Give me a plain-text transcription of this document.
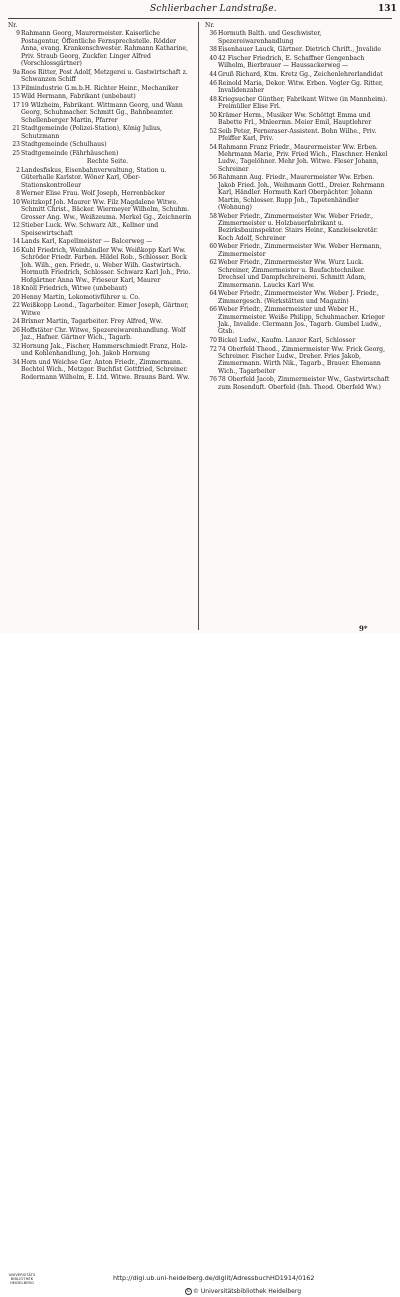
Schlierbacher Landstraße.	131
Nr.
9 Rahmann Georg, Maurermeister. Kaiserliche Postagentur, Öffentliche Fernsprechstelle. Rödder Anna, evang. Krankenschwester. Rahmann Katharine, Priv. Straub Georg, Zuckfer. Linger Alfred (Vorschlossgärtner)
9a Roos Ritter, Post Adolf, Metzgerei u. Gastwirtschaft z. Schwanzen Schiff
13 Filmindustrie G.m.b.H. Richter Heinr., Mechaniker
15 Wild Hermann, Fabrikant (unbebaut)
17 19 Wilzheim, Fabrikant. Wittmann Georg, und Wann Georg, Schuhmacher. Schmitt Gg., Bahnbeamter. Schellenberger Martin, Pfarrer
21 Stadtgemeinde (Polizei-Station), König Julius, Schutzmann
23 Stadtgemeinde (Schulhaus)
25 Stadtgemeinde (Fährhäuschen)
Rechte Seite.
2 Landesfiskus, Eisenbahnverwaltung, Station u. Güterhalle Karlstor. Wöner Karl, Ober-Stationskontrolleur
8 Werner Elise Frau. Wolf Joseph, Herrenbäcker
10 Weitzkopf Joh. Maurer Ww. Filz Magdalene Witwe. Schmitt Christ., Bäcker. Wiermeyer Wilhelm, Schuhm. Grosser Ang. Ww., Weißzeuma. Merkel Gg., Zeichnerin
12 Stieber Luck. Ww. Schwarz Alt., Kellner und Speisewirtschaft
14 Lands Karl, Kapellmeister — Balcerweg —
16 Kubl Friedrich, Weinhändler Ww. Weißkopp Karl Ww. Schröder Friedr. Farben. Hildel Rob., Schlosser. Bock Joh. Wilh., gen. Friedr., u. Weber Wilh. Gastwirtsch. Hormuth Friedrich, Schlosser. Schwarz Karl Joh., Prio. Hofgärtner Anna Ww., Frieseur Karl, Maurer
18 Knöll Friedrich, Witwe (unbebaut)
20 Henny Martin, Lokomotivführer u. Co.
22 Weißkopp Leond., Tagarbeiter. Eimer Joseph, Gärtner, Witwe
24 Brixner Martin, Tagarbeiter. Frey Alfred, Ww.
26 Hoffstäter Chr. Witwe, Spezereiwarenhandlung. Wolf Jaz., Hafner. Gärtner Wich., Tagarb.
32 Hornung Jak., Fischer, Hammerschmiedt Franz, Holz- und Kohlenhandlung, Joh. Jakob Hornung
34 Horn und Weichse Ger. Anton Friedr., Zimmermann. Bechtel Wich., Metzger. Buchfist Gottfried, Schreiner. Rodermann Wilhelm, E. Ltd. Witwe. Brauns Bard. Ww.
Nr.
36 Hormuth Balth. und Geschwister, Spezereiwarenhandlung
38 Eisenhauer Lauck, Gärtner. Dietrich Chrift., Jnvalide
40 42 Fischer Friedrich, E. Schaffner Gengenbach Wilhelm, Bierbrauer — Haussackerweg —
44 Gruß Richard, Ktm. Kretz Gg., Zeichenlehrerlandidat
46 Reinold Maria, Dekor. Witw. Erben. Vogler Gg. Ritter, Invalidenzaher
48 Kriegsucher Günther, Fabrikant Witwe (in Mannheim). Freimüller Elise Frl.
50 Krämer Herm., Musiker Ww. Schöttgt Emma und Babette Frl., Mnleermn. Meier Emil, Hauptlehrer
52 Seib Peter, Ferneraser-Assistent. Bohn Wilhe., Priv. Pfeiffer Karl, Priv.
54 Rahmann Franz Friedr., Maurermeister Ww. Erben. Mehrmann Marie, Priv. Fried Wich., Flaschner. Henkel Ludw., Tagelöhner. Mehr Joh. Witwe. Fleser Johann, Schreiner
56 Rahmann Aug. Friedr., Maurermeister Ww. Erben. Jakob Fried. Joh., Weihmann Gottl., Dreier. Rehrmann Karl, Händler. Hormuth Karl Oberpächter. Johann Martin, Schlosser. Rupp Joh., Tapetenhändler (Wohnung)
58 Weber Friedr., Zimmermeister Ww. Weber Friedr., Zimmermeister u. Holzbauerfabrikant u. Bezirksbauinspektor. Stairs Heinr., Kanzleisekretär. Koch Adolf, Schreiner
60 Weber Friedr., Zimmermeister Ww. Weber Hermann, Zimmermeister
62 Weber Friedr., Zimmermeister Ww. Wurz Luck. Schreiner, Zimmermeister u. Baufachtechniker. Drechsel und Dampfschreinerei. Schmitt Adam, Zimmermann. Laucks Karl Ww.
64 Weber Friedr., Zimmermeister Ww. Weber J. Friedr., Zimmergesch. (Werkstätten und Magazin)
66 Weber Friedr., Zimmermeister und Weber H., Zimmermeister. Weiße Philipp, Schuhmacher. Krieger Jak., Invalide. Clermann Jos., Tagarb. Gumbel Ludw., Gtsb.
70 Bickel Ludw., Kaufm. Lanzer Karl, Schlosser
72 74 Oberfeld Theod., Zimmermeister Ww. Frick Georg, Schreiner. Fischer Ludw., Dreher. Fries Jakob, Zimmermann. Wirth Nik., Tagarb., Brauer. Ehemann Wich., Tagarbeiter
76 78 Oberfeld Jacob, Zimmermeister Ww., Gastwirtschaft zum Rosenduft. Oberfeld (Inh. Theod. Oberfeld Ww.)
9*
UNIVERSITÄTS BIBLIOTHEK HEIDELBERG
http://digi.ub.uni-heidelberg.de/diglit/AdressbuchHD1914/0162
© © Universitätsbibliothek Heidelberg
